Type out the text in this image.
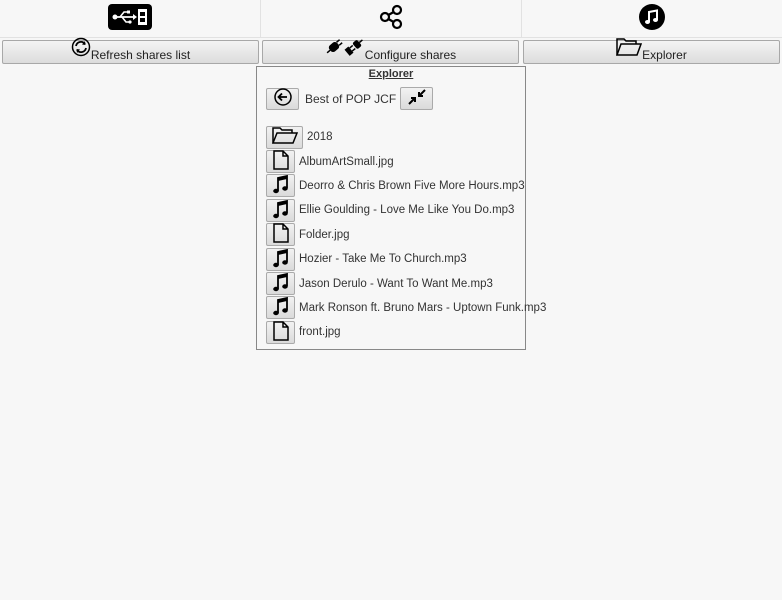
Refresh shares list	Configure shares	Explorer
Explorer
Best of POP JCF
2018
AlbumArtSmall.jpg
Deorro & Chris Brown Five More Hours.mp3
Ellie Goulding - Love Me Like You Do.mp3
Folder.jpg
Hozier - Take Me To Church.mp3
Jason Derulo - Want To Want Me.mp3
Mark Ronson ft. Bruno Mars - Uptown Funk.mp3
front.jpg
